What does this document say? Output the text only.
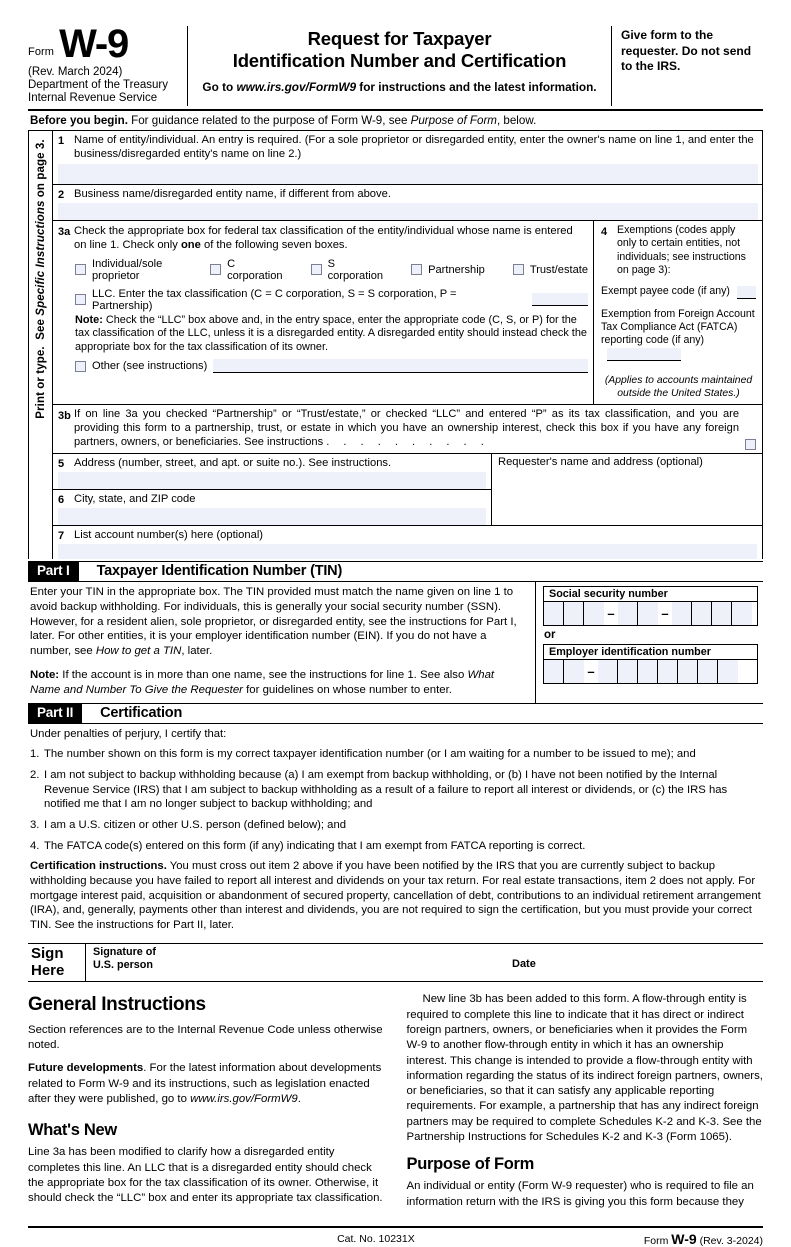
Form W-9
(Rev. March 2024)
Department of the Treasury
Internal Revenue Service
Request for Taxpayer
Identification Number and Certification
Go to www.irs.gov/FormW9 for instructions and the latest information.
Give form to the requester. Do not send to the IRS.
Before you begin. For guidance related to the purpose of Form W-9, see Purpose of Form, below.
Print or type.

See Specific Instructions on page 3. 1 Name of entity/individual. An entry is required. (For a sole proprietor or disregarded entity, enter the owner's name on line 1, and enter the business/disregarded entity's name on line 2.)
2 Business name/disregarded entity name, if different from above.
3a Check the appropriate box for federal tax classification of the entity/individual whose name is entered on line 1. Check only one of the following seven boxes.
Individual/sole proprietor
C corporation
S corporation	Partnership	Trust/estate
LLC. Enter the tax classification (C = C corporation, S = S corporation, P = Partnership)
Note: Check the “LLC” box above and, in the entry space, enter the appropriate code (C, S, or P) for the tax classification of the LLC, unless it is a disregarded entity. A disregarded entity should instead check the appropriate box for the tax classification of its owner.
Other (see instructions)
4 Exemptions (codes apply only to certain entities, not individuals; see instructions on page 3):
Exempt payee code (if any)
Exemption from Foreign Account Tax Compliance Act (FATCA) reporting code (if any)
(Applies to accounts maintained outside the United States.)
3b If on line 3a you checked “Partnership” or “Trust/estate,” or checked “LLC” and entered “P” as its tax classification, and you are providing this form to a partnership, trust, or estate in which you have an ownership interest, check this box if you have any foreign partners, owners, or beneficiaries. See instructions . . . . . . . . . .
5 Address (number, street, and apt. or suite no.). See instructions.
6 City, state, and ZIP code
Requester's name and address (optional)
7 List account number(s) here (optional)
Part I	Taxpayer Identification Number (TIN)

Enter your TIN in the appropriate box. The TIN provided must match the name given on line 1 to avoid backup withholding. For individuals, this is generally your social security number (SSN). However, for a resident alien, sole proprietor, or disregarded entity, see the instructions for Part I, later. For other entities, it is your employer identification number (EIN). If you do not have a number, see How to get a TIN, later.

Note: If the account is in more than one name, see the instructions for line 1. See also What Name and Number To Give the Requester for guidelines on whose number to enter.

Social security number
–	–
or
Employer identification number
–
Part II	Certification

Under penalties of perjury, I certify that:

1. The number shown on this form is my correct taxpayer identification number (or I am waiting for a number to be issued to me); and
2. I am not subject to backup withholding because (a) I am exempt from backup withholding, or (b) I have not been notified by the Internal Revenue Service (IRS) that I am subject to backup withholding as a result of a failure to report all interest or dividends, or (c) the IRS has notified me that I am no longer subject to backup withholding; and
3. I am a U.S. citizen or other U.S. person (defined below); and
4. The FATCA code(s) entered on this form (if any) indicating that I am exempt from FATCA reporting is correct.

Certification instructions. You must cross out item 2 above if you have been notified by the IRS that you are currently subject to backup withholding because you have failed to report all interest and dividends on your tax return. For real estate transactions, item 2 does not apply. For mortgage interest paid, acquisition or abandonment of secured property, cancellation of debt, contributions to an individual retirement arrangement (IRA), and, generally, payments other than interest and dividends, you are not required to sign the certification, but you must provide your correct TIN. See the instructions for Part II, later.

Sign
Here
Signature of
U.S. person	Date
General Instructions

Section references are to the Internal Revenue Code unless otherwise noted.

Future developments. For the latest information about developments related to Form W-9 and its instructions, such as legislation enacted after they were published, go to www.irs.gov/FormW9.

What's New

Line 3a has been modified to clarify how a disregarded entity completes this line. An LLC that is a disregarded entity should check the appropriate box for the tax classification of its owner. Otherwise, it should check the “LLC” box and enter its appropriate tax classification.

New line 3b has been added to this form. A flow-through entity is required to complete this line to indicate that it has direct or indirect foreign partners, owners, or beneficiaries when it provides the Form W-9 to another flow-through entity in which it has an ownership interest. This change is intended to provide a flow-through entity with information regarding the status of its indirect foreign partners, owners, or beneficiaries, so that it can satisfy any applicable reporting requirements. For example, a partnership that has any indirect foreign partners may be required to complete Schedules K-2 and K-3. See the Partnership Instructions for Schedules K-2 and K-3 (Form 1065).

Purpose of Form

An individual or entity (Form W-9 requester) who is required to file an information return with the IRS is giving you this form because they

Cat. No. 10231X	Form W-9 (Rev. 3-2024)
